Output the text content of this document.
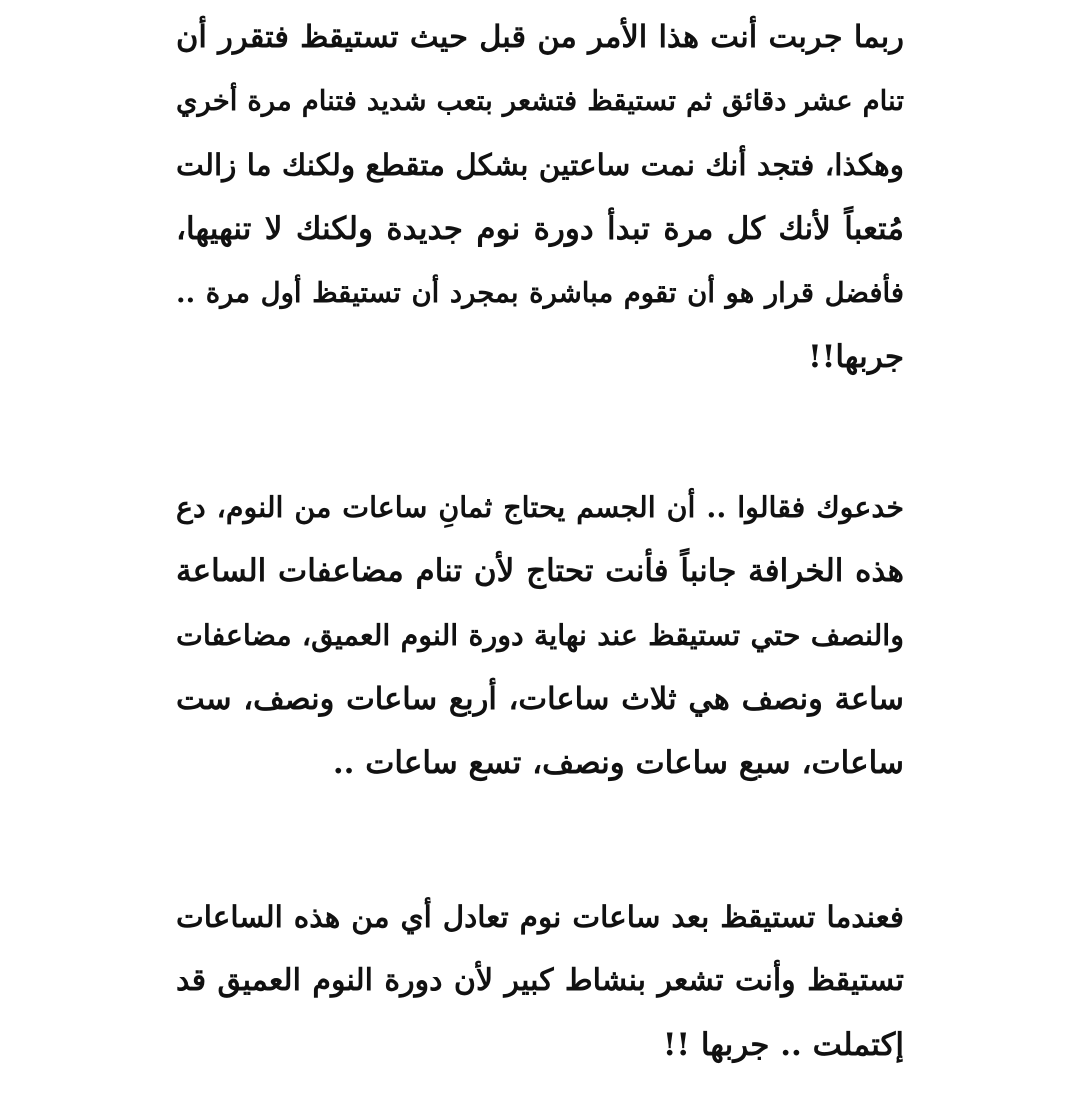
ربما جربت أنت هذا الأمر من قبل حيث تستيقظ فتقرر أن
تنام عشر دقائق ثم تستيقظ فتشعر بتعب شديد فتنام مرة أخري
وهكذا، فتجد أنك نمت ساعتين بشكل متقطع ولكنك ما زالت
مُتعباً لأنك كل مرة تبدأ دورة نوم جديدة ولكنك لا تنهيها،
فأفضل قرار هو أن تقوم مباشرة بمجرد أن تستيقظ أول مرة ..
جربها!!
خدعوك فقالوا .. أن الجسم يحتاج ثمانِ ساعات من النوم، دع
هذه الخرافة جانباً فأنت تحتاج لأن تنام مضاعفات الساعة
والنصف حتي تستيقظ عند نهاية دورة النوم العميق، مضاعفات
ساعة ونصف هي ثلاث ساعات، أربع ساعات ونصف، ست
ساعات، سبع ساعات ونصف، تسع ساعات ..
فعندما تستيقظ بعد ساعات نوم تعادل أي من هذه الساعات
تستيقظ وأنت تشعر بنشاط كبير لأن دورة النوم العميق قد
إكتملت .. جربها !!
